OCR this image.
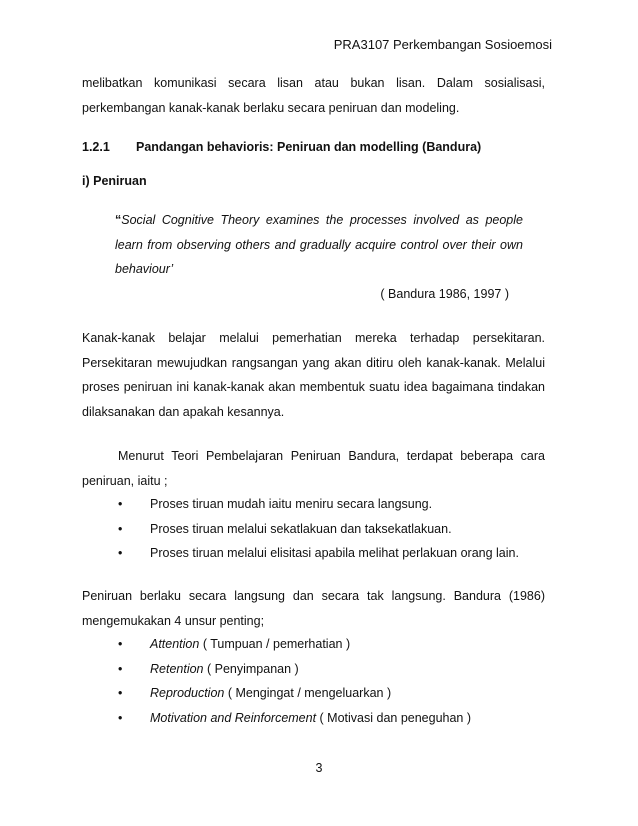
PRA3107 Perkembangan Sosioemosi

melibatkan komunikasi secara lisan atau bukan lisan. Dalam sosialisasi,

perkembangan kanak-kanak berlaku secara peniruan dan modeling.

1.2.1	Pandangan behavioris: Peniruan dan modelling (Bandura)
i) Peniruan
“Social Cognitive Theory examines the processes involved as people learn from observing others and gradually acquire control over their own behaviour’
( Bandura 1986, 1997 )

Kanak-kanak belajar melalui pemerhatian mereka terhadap persekitaran. Persekitaran mewujudkan rangsangan yang akan ditiru oleh kanak-kanak. Melalui proses peniruan ini kanak-kanak akan membentuk suatu idea bagaimana tindakan dilaksanakan dan apakah kesannya.

Menurut Teori Pembelajaran Peniruan Bandura, terdapat beberapa cara peniruan, iaitu ;

•	Proses tiruan mudah iaitu meniru secara langsung.
•	Proses tiruan melalui sekatlakuan dan taksekatlakuan.
•	Proses tiruan melalui elisitasi apabila melihat perlakuan orang lain.

Peniruan berlaku secara langsung dan secara tak langsung. Bandura (1986) mengemukakan 4 unsur penting;

•	Attention ( Tumpuan / pemerhatian )
•	Retention ( Penyimpanan )
•	Reproduction ( Mengingat / mengeluarkan )
•	Motivation and Reinforcement ( Motivasi dan peneguhan )
3
